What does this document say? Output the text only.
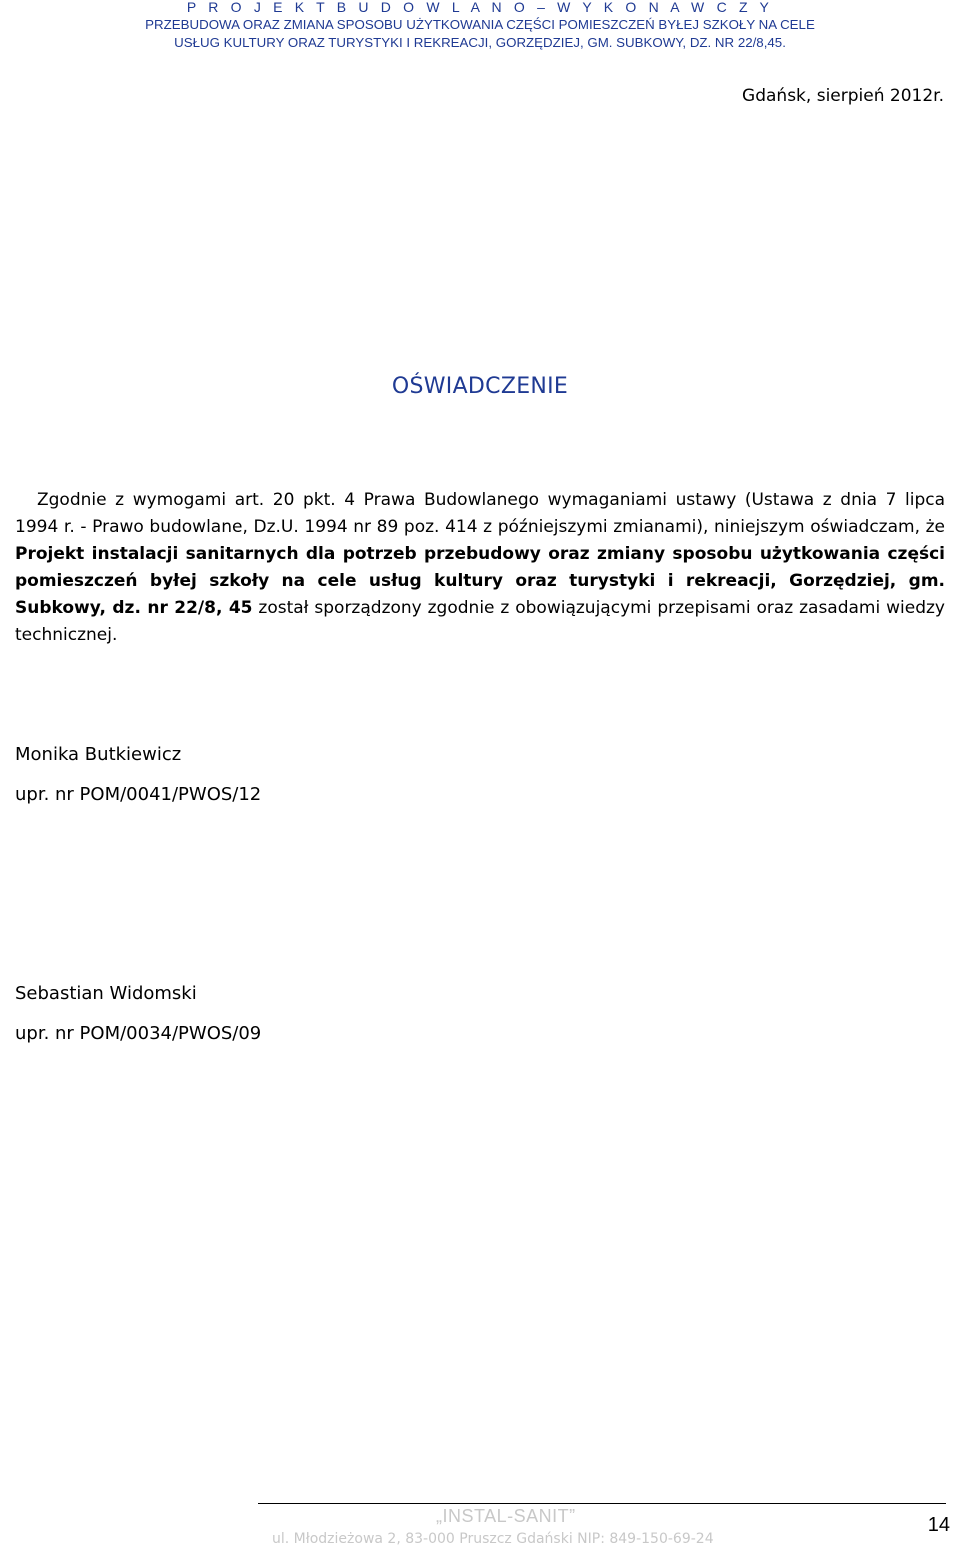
P R O J E K T B U D O W L A N O – W Y K O N A W C Z Y
PRZEBUDOWA ORAZ ZMIANA SPOSOBU UŻYTKOWANIA CZĘŚCI POMIESZCZEŃ BYŁEJ SZKOŁY NA CELE
USŁUG KULTURY ORAZ TURYSTYKI I REKREACJI, GORZĘDZIEJ, GM. SUBKOWY, DZ. NR 22/8,45.
Gdańsk, sierpień 2012r.
OŚWIADCZENIE
Zgodnie z wymogami art. 20 pkt. 4 Prawa Budowlanego wymaganiami ustawy (Ustawa z dnia 7 lipca 1994 r. - Prawo budowlane, Dz.U. 1994 nr 89 poz. 414 z późniejszymi zmianami), niniejszym oświadczam, że Projekt instalacji sanitarnych dla potrzeb przebudowy oraz zmiany sposobu użytkowania części pomieszczeń byłej szkoły na cele usług kultury oraz turystyki i rekreacji, Gorzędziej, gm. Subkowy, dz. nr 22/8, 45 został sporządzony zgodnie z obowiązującymi przepisami oraz zasadami wiedzy technicznej.
Monika Butkiewicz
upr. nr POM/0041/PWOS/12
Sebastian Widomski
upr. nr POM/0034/PWOS/09
„INSTAL-SANIT”
ul. Młodzieżowa 2, 83-000 Pruszcz Gdański NIP: 849-150-69-24
14
